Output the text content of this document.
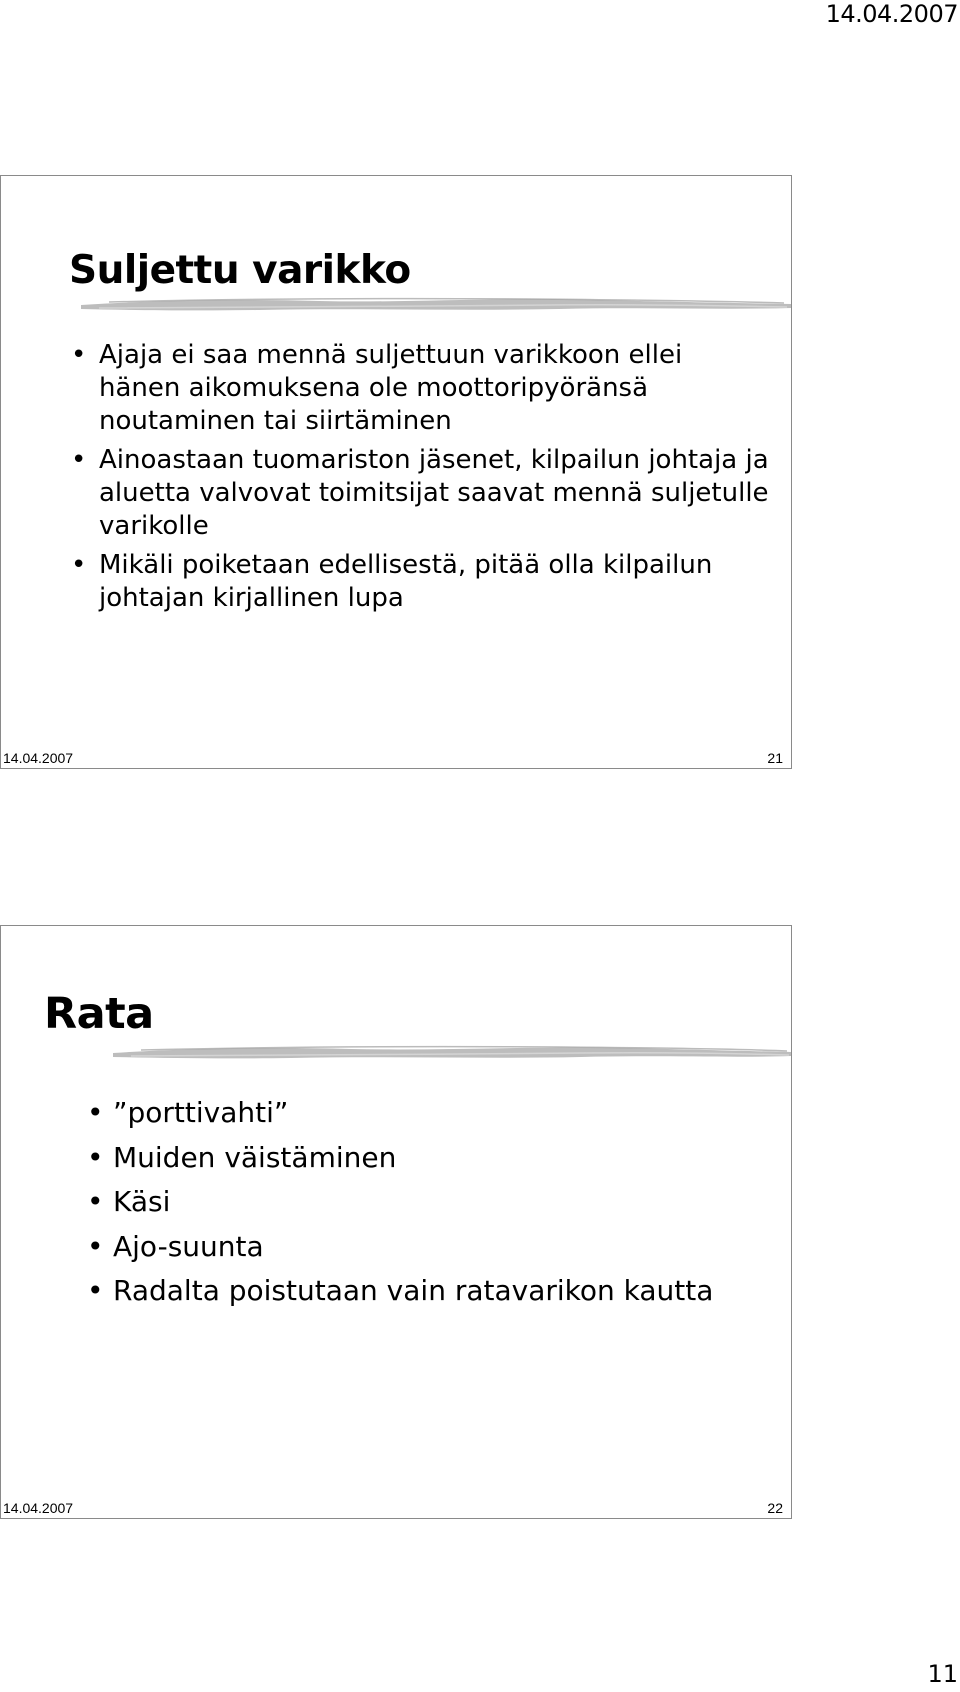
14.04.2007
Suljettu varikko
• Ajaja ei saa mennä suljettuun varikkoon ellei hänen aikomuksena ole moottoripyöränsä noutaminen tai siirtäminen
• Ainoastaan tuomariston jäsenet, kilpailun johtaja ja aluetta valvovat toimitsijat saavat mennä suljetulle varikolle
• Mikäli poiketaan edellisestä, pitää olla kilpailun johtajan kirjallinen lupa
14.04.2007	21
Rata
• ”porttivahti”
• Muiden väistäminen
• Käsi
• Ajo-suunta
• Radalta poistutaan vain ratavarikon kautta
14.04.2007	22
11
